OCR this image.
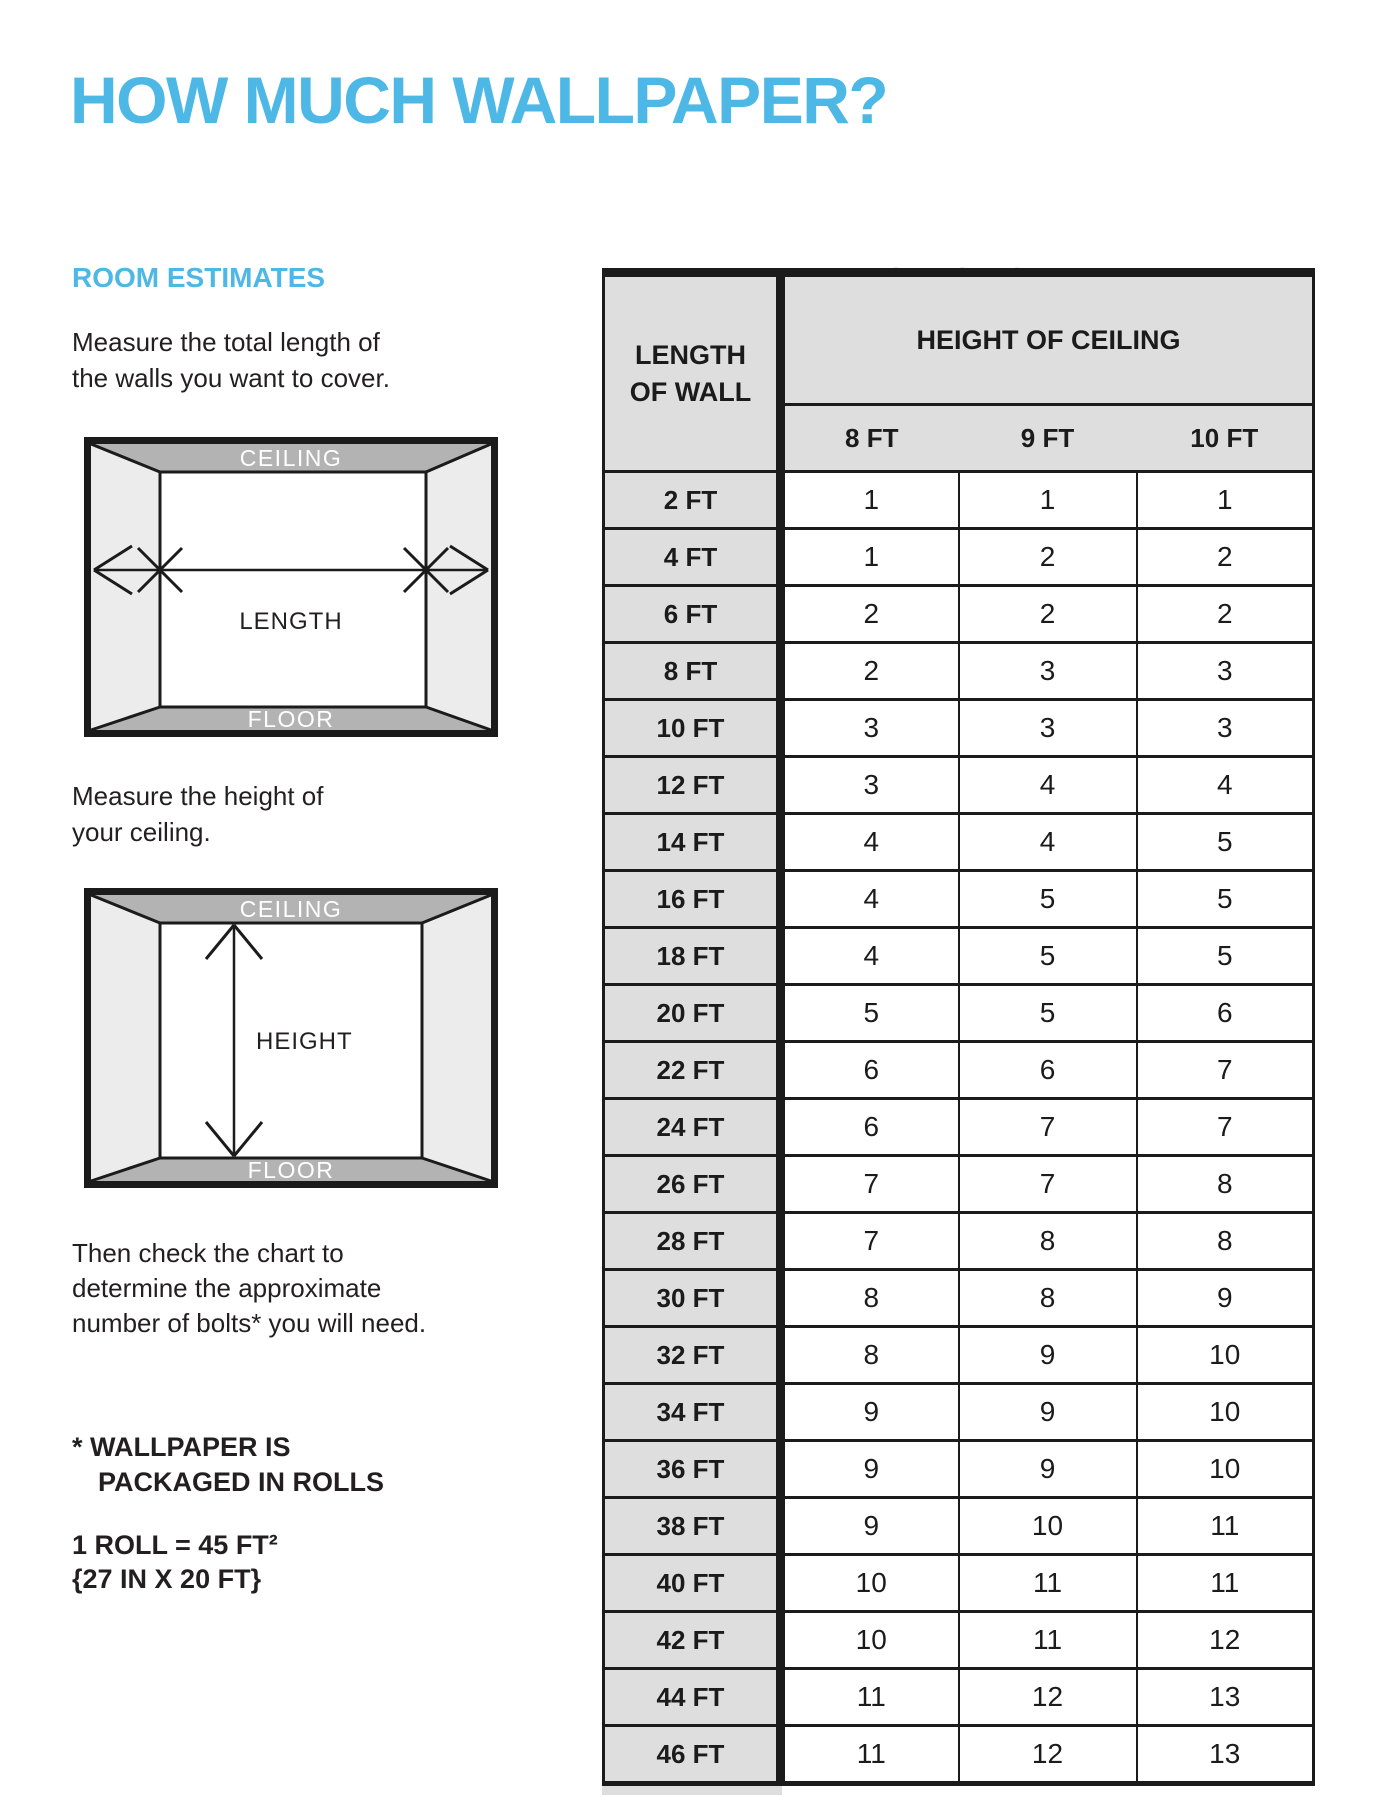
HOW MUCH WALLPAPER?
ROOM ESTIMATES
Measure the total length of
the walls you want to cover.
CEILING
FLOOR
LENGTH
Measure the height of
your ceiling.
HEIGHT
CEILING
FLOOR
Then check the chart to
determine the approximate
number of bolts* you will need.
* WALLPAPER IS
PACKAGED IN ROLLS
1 ROLL = 45 FT²
{27 IN X 20 FT}
LENGTH
OF WALL	HEIGHT OF CEILING		
	8 FT	9 FT	10 FT
2 FT	1	1	1
4 FT	1	2	2
6 FT	2	2	2
8 FT	2	3	3
10 FT	3	3	3
12 FT	3	4	4
14 FT	4	4	5
16 FT	4	5	5
18 FT	4	5	5
20 FT	5	5	6
22 FT	6	6	7
24 FT	6	7	7
26 FT	7	7	8
28 FT	7	8	8
30 FT	8	8	9
32 FT	8	9	10
34 FT	9	9	10
36 FT	9	9	10
38 FT	9	10	11
40 FT	10	11	11
42 FT	10	11	12
44 FT	11	12	13
46 FT	11	12	13
